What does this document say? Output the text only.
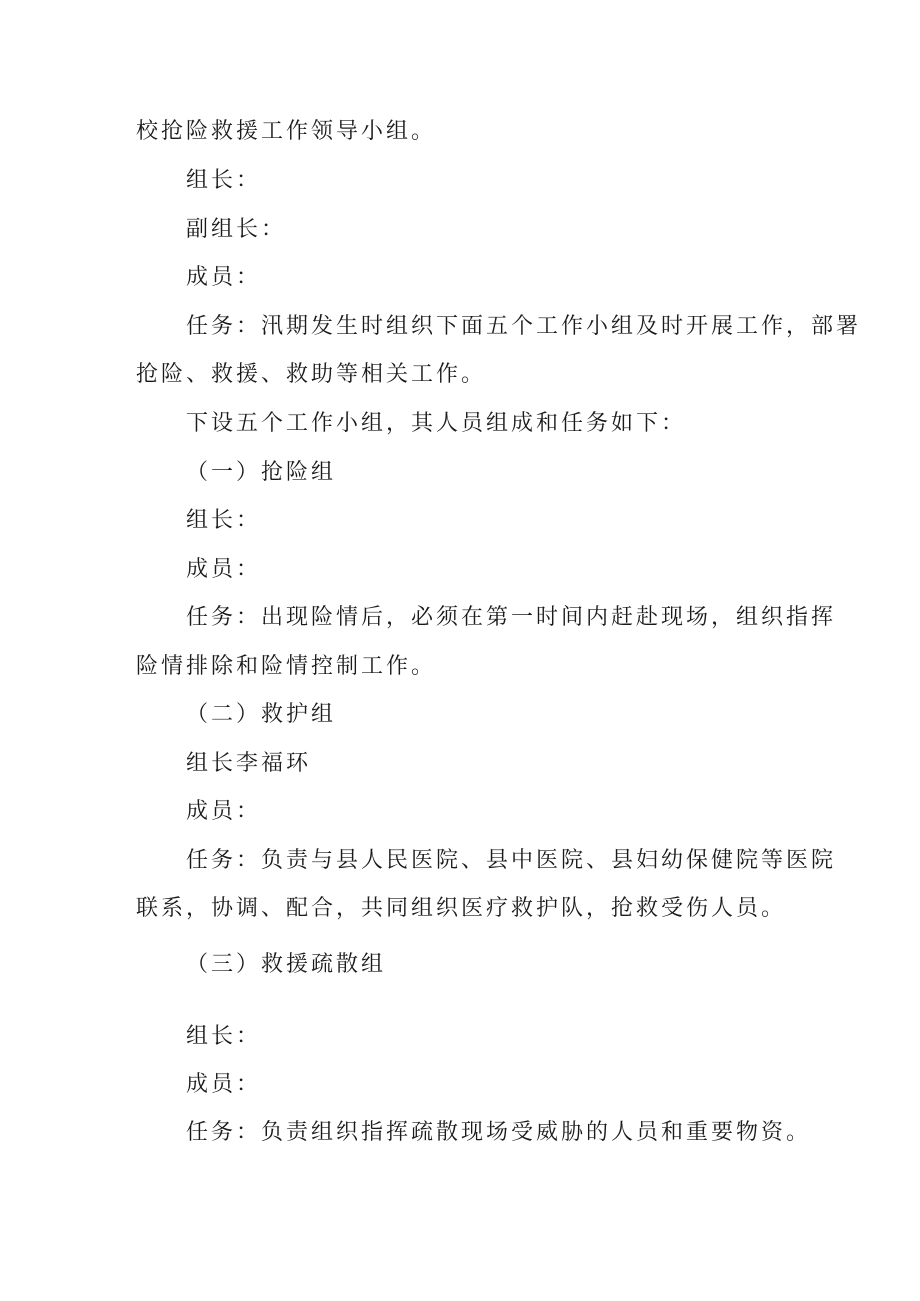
校抢险救援工作领导小组。

组长：

副组长：

成员：

任务：汛期发生时组织下面五个工作小组及时开展工作，部署

抢险、救援、救助等相关工作。

下设五个工作小组，其人员组成和任务如下：

（一）抢险组

组长：

成员：

任务：出现险情后，必须在第一时间内赶赴现场，组织指挥

险情排除和险情控制工作。

（二）救护组

组长李福环

成员：

任务：负责与县人民医院、县中医院、县妇幼保健院等医院

联系，协调、配合，共同组织医疗救护队，抢救受伤人员。

（三）救援疏散组

组长：

成员：

任务：负责组织指挥疏散现场受威胁的人员和重要物资。
